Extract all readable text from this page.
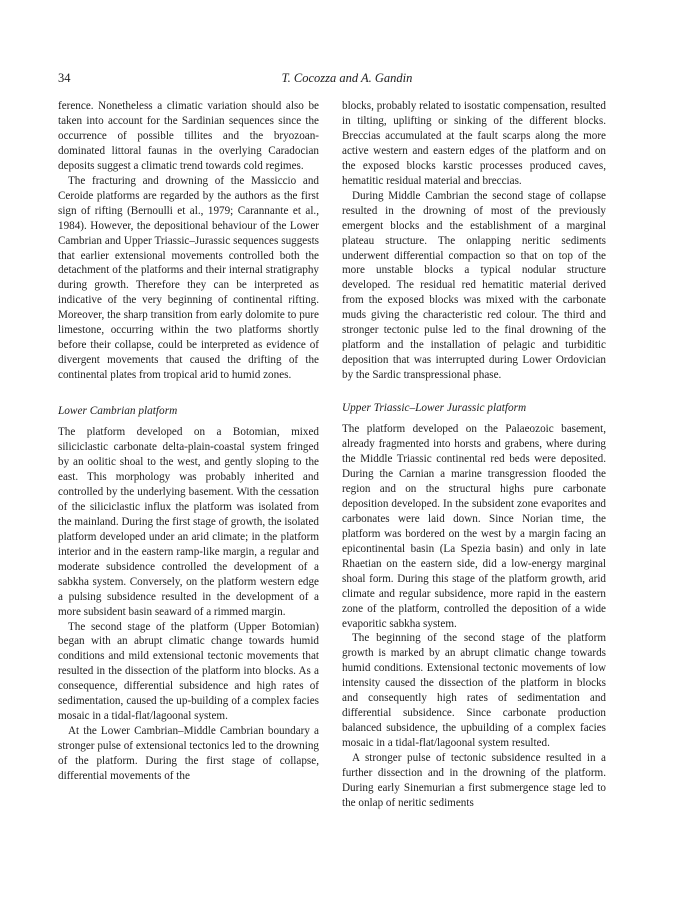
34	T. Cocozza and A. Gandin

ference. Nonetheless a climatic variation should also be taken into account for the Sardinian sequences since the occurrence of possible tillites and the bryozoan-dominated littoral faunas in the overlying Caradocian deposits suggest a climatic trend towards cold regimes.

The fracturing and drowning of the Massiccio and Ceroide platforms are regarded by the authors as the first sign of rifting (Bernoulli et al., 1979; Carannante et al., 1984). However, the depositional behaviour of the Lower Cambrian and Upper Triassic–Jurassic sequences suggests that earlier extensional movements controlled both the detachment of the platforms and their internal stratigraphy during growth. Therefore they can be interpreted as indicative of the very beginning of continental rifting. Moreover, the sharp transition from early dolomite to pure limestone, occurring within the two platforms shortly before their collapse, could be interpreted as evidence of divergent movements that caused the drifting of the continental plates from tropical arid to humid zones.

Lower Cambrian platform

The platform developed on a Botomian, mixed siliciclastic carbonate delta-plain-coastal system fringed by an oolitic shoal to the west, and gently sloping to the east. This morphology was probably inherited and controlled by the underlying basement. With the cessation of the siliciclastic influx the platform was isolated from the mainland. During the first stage of growth, the isolated platform developed under an arid climate; in the platform interior and in the eastern ramp-like margin, a regular and moderate subsidence controlled the development of a sabkha system. Conversely, on the platform western edge a pulsing subsidence resulted in the development of a more subsident basin seaward of a rimmed margin.

The second stage of the platform (Upper Botomian) began with an abrupt climatic change towards humid conditions and mild extensional tectonic movements that resulted in the dissection of the platform into blocks. As a consequence, differential subsidence and high rates of sedimentation, caused the up-building of a complex facies mosaic in a tidal-flat/lagoonal system.

At the Lower Cambrian–Middle Cambrian boundary a stronger pulse of extensional tectonics led to the drowning of the platform. During the first stage of collapse, differential movements of the

blocks, probably related to isostatic compensation, resulted in tilting, uplifting or sinking of the different blocks. Breccias accumulated at the fault scarps along the more active western and eastern edges of the platform and on the exposed blocks karstic processes produced caves, hematitic residual material and breccias.

During Middle Cambrian the second stage of collapse resulted in the drowning of most of the previously emergent blocks and the establishment of a marginal plateau structure. The onlapping neritic sediments underwent differential compaction so that on top of the more unstable blocks a typical nodular structure developed. The residual red hematitic material derived from the exposed blocks was mixed with the carbonate muds giving the characteristic red colour. The third and stronger tectonic pulse led to the final drowning of the platform and the installation of pelagic and turbiditic deposition that was interrupted during Lower Ordovician by the Sardic transpressional phase.

Upper Triassic–Lower Jurassic platform

The platform developed on the Palaeozoic basement, already fragmented into horsts and grabens, where during the Middle Triassic continental red beds were deposited. During the Carnian a marine transgression flooded the region and on the structural highs pure carbonate deposition developed. In the subsident zone evaporites and carbonates were laid down. Since Norian time, the platform was bordered on the west by a margin facing an epicontinental basin (La Spezia basin) and only in late Rhaetian on the eastern side, did a low-energy marginal shoal form. During this stage of the platform growth, arid climate and regular subsidence, more rapid in the eastern zone of the platform, controlled the deposition of a wide evaporitic sabkha system.

The beginning of the second stage of the platform growth is marked by an abrupt climatic change towards humid conditions. Extensional tectonic movements of low intensity caused the dissection of the platform in blocks and consequently high rates of sedimentation and differential subsidence. Since carbonate production balanced subsidence, the upbuilding of a complex facies mosaic in a tidal-flat/lagoonal system resulted.

A stronger pulse of tectonic subsidence resulted in a further dissection and in the drowning of the platform. During early Sinemurian a first submergence stage led to the onlap of neritic sediments
